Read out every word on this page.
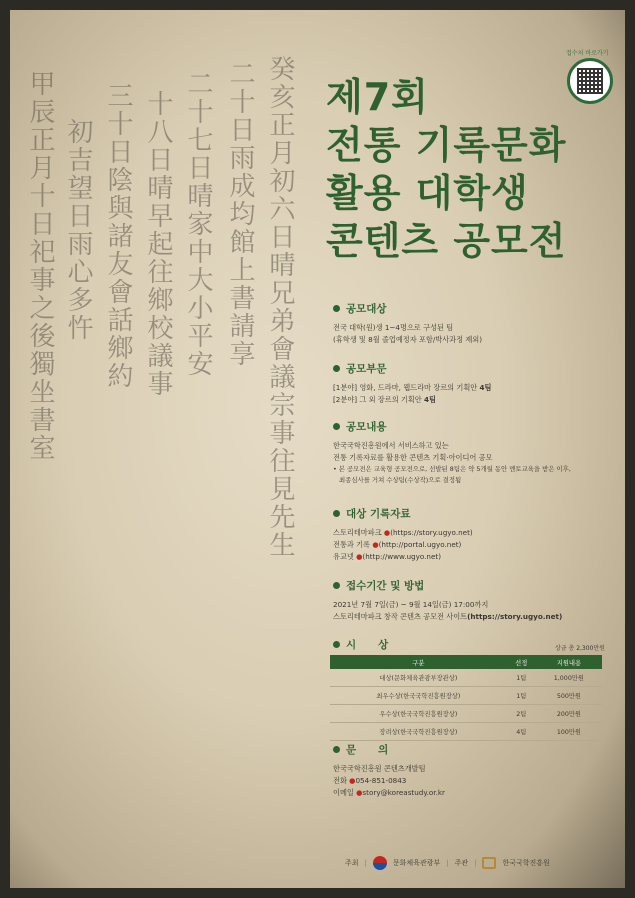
癸亥正月初六日晴兄弟會議宗事往見先生
二十日雨成均館上書請享
二十七日晴家中大小平安
十八日晴早起往鄉校議事
三十日陰與諸友會話鄉約
初吉望日雨心多忤
甲辰正月十日祀事之後獨坐書室
접수처 바로가기
제7회
전통 기록문화
활용 대학생
콘텐츠 공모전
공모대상
전국 대학(원)생 1~4명으로 구성된 팀
(휴학생 및 8월 졸업예정자 포함/박사과정 제외)
공모부문
[1분야] 영화, 드라마, 웹드라마 장르의 기획안 4팀
[2분야] 그 외 장르의 기획안 4팀
공모내용
한국국학진흥원에서 서비스하고 있는
전통 기록자료를 활용한 콘텐츠 기획·아이디어 공모
• 본 공모전은 교육형 공모전으로, 선발된 8팀은 약 5개월 동안 멘토교육을 받은 이후,
최종심사를 거쳐 수상팀(수상작)으로 결정됨
대상 기록자료
스토리테마파크 ●(https://story.ugyo.net)
전통과 기록 ●(http://portal.ugyo.net)
유교넷 ●(http://www.ugyo.net)
접수기간 및 방법
2021년 7월 7일(금) ~ 9월 14일(금) 17:00까지
스토리테마파크 창작 콘텐츠 공모전 사이트(https://story.ugyo.net)
시      상	상금 총 2,300만원
구분	선정	지원내용
대상(문화체육관광부장관상)	1팀	1,000만원
최우수상(한국국학진흥원장상)	1팀	500만원
우수상(한국국학진흥원장상)	2팀	200만원
장려상(한국국학진흥원장상)	4팀	100만원
문      의
한국국학진흥원 콘텐츠개발팀
전화 ●054-851-0843
이메일 ●story@koreastudy.or.kr
주최 |	문화체육관광부 | 주관 |	한국국학진흥원
